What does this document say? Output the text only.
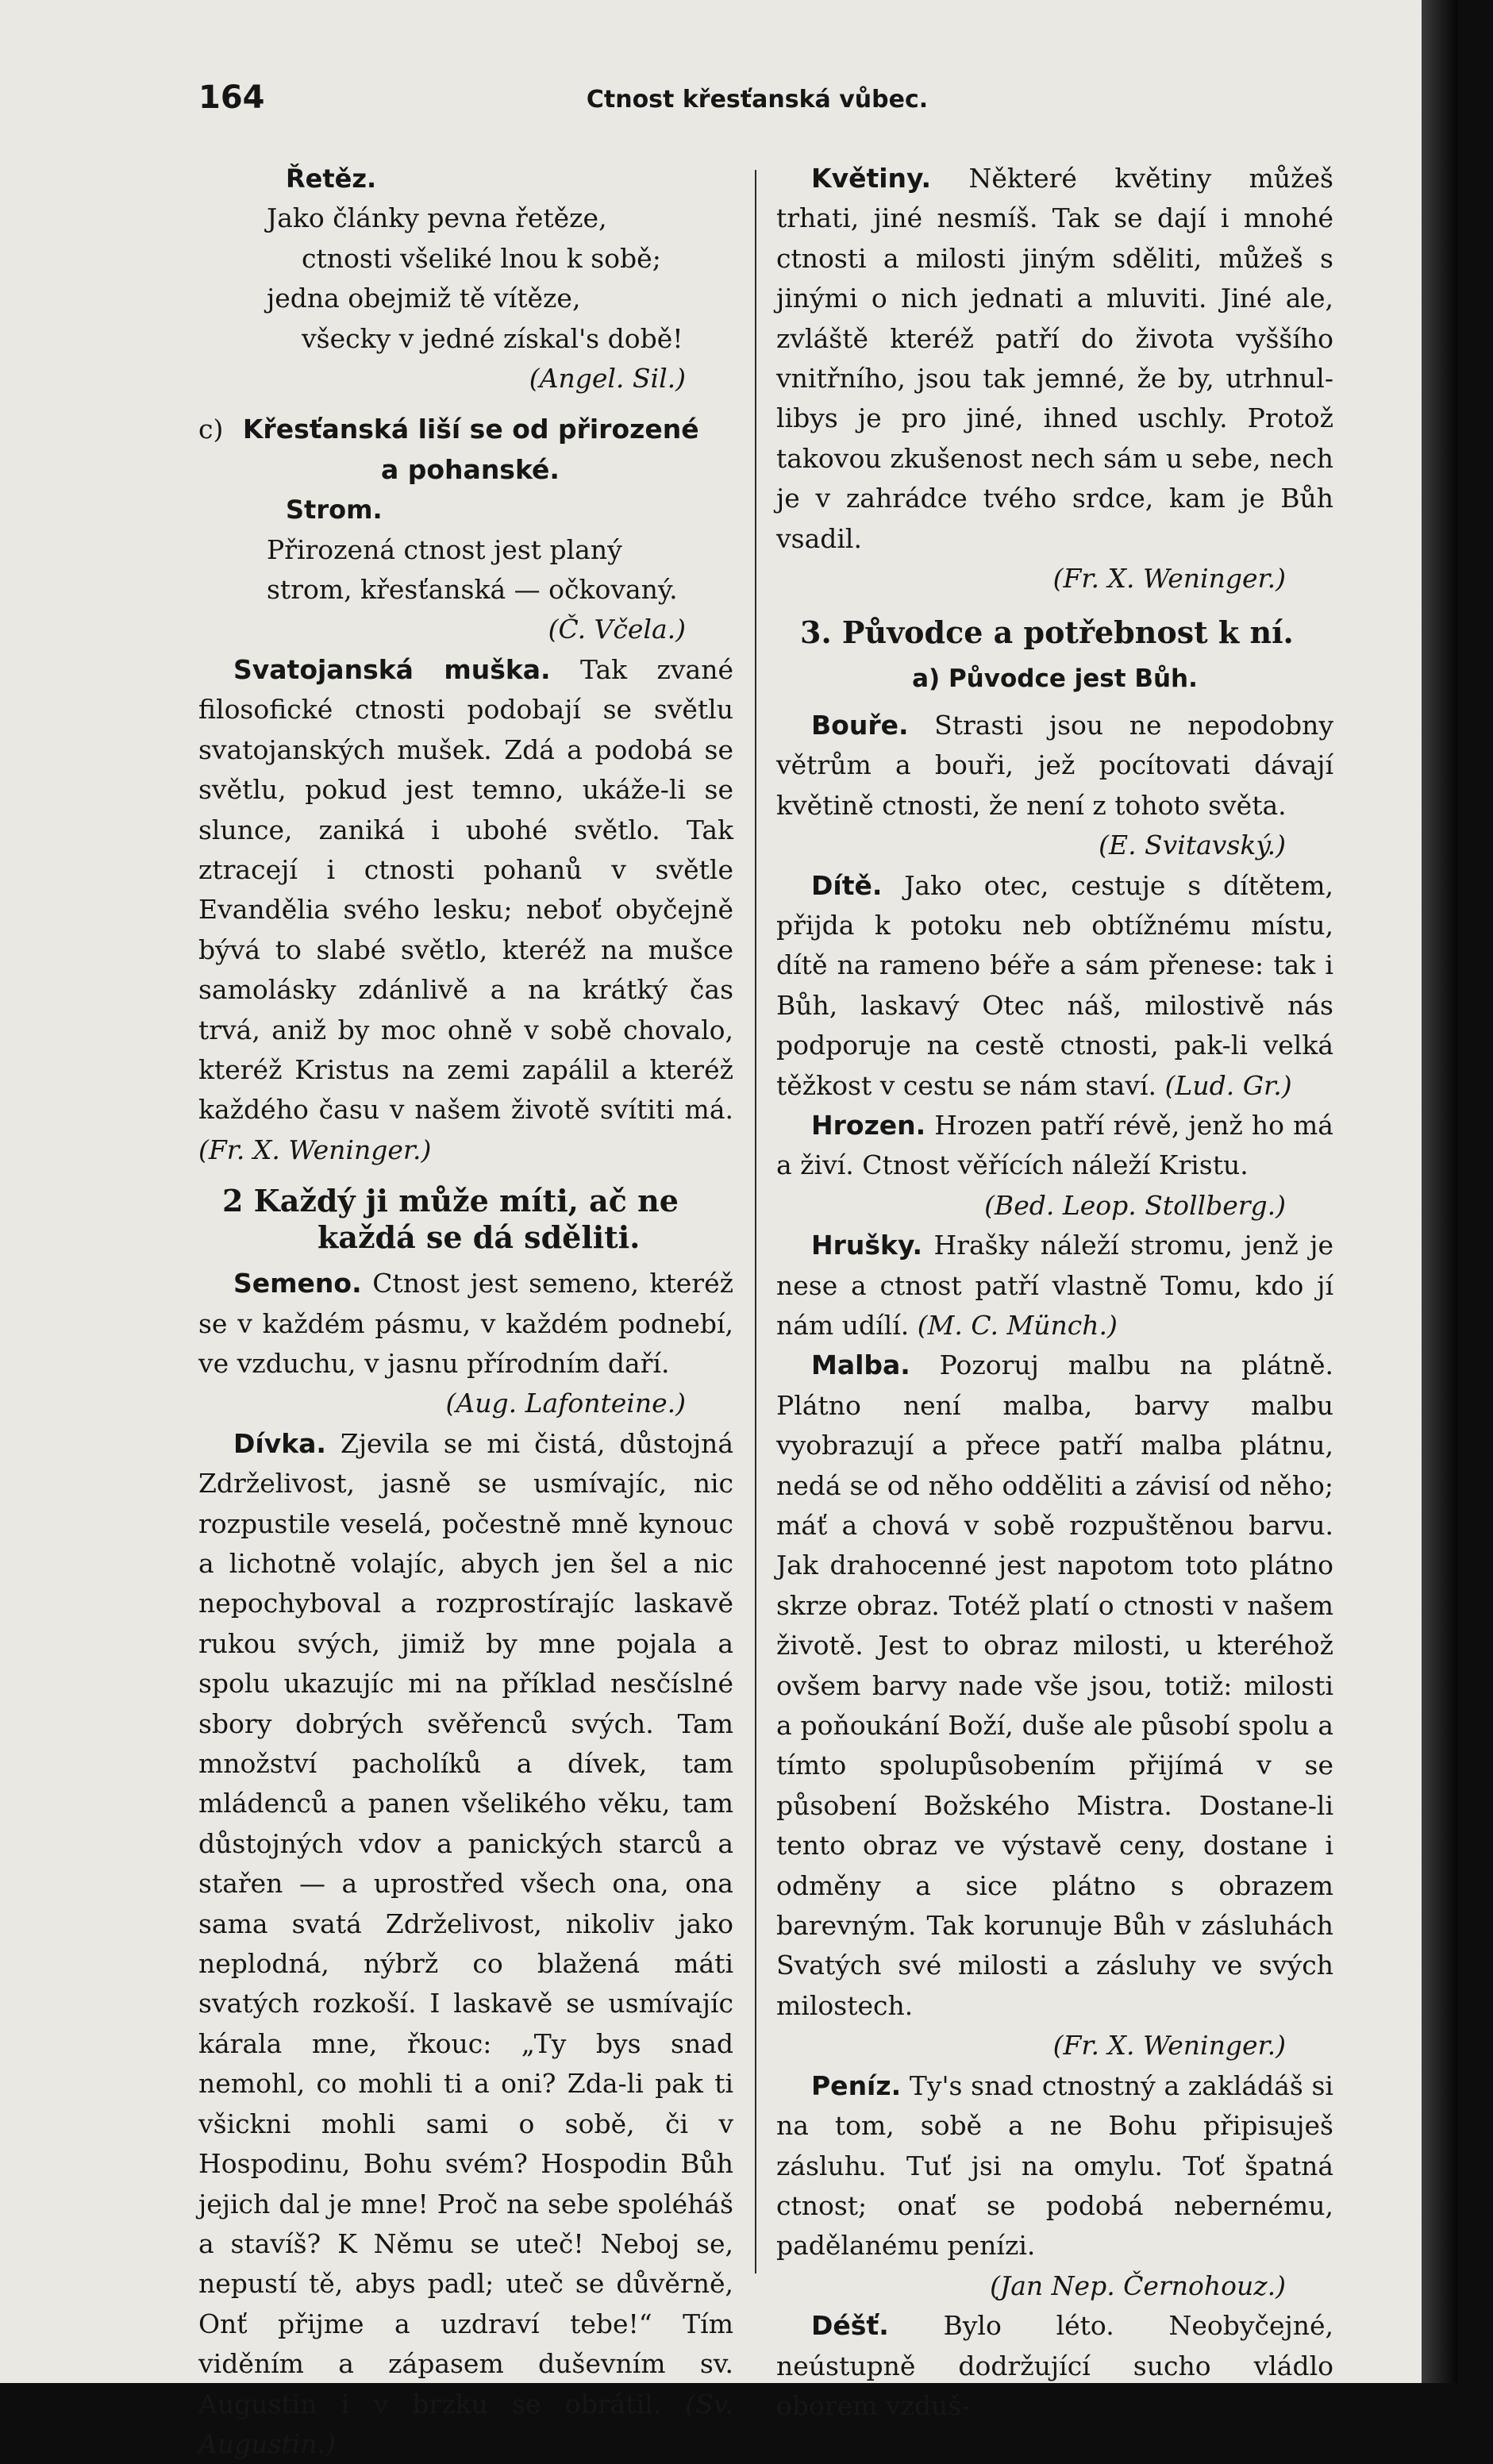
164	Ctnost křesťanská vůbec.

Řetěz.

Jako články pevna řetěze,

ctnosti všeliké lnou k sobě;

jedna obejmiž tě vítěze,

všecky v jedné získal's době!

(Angel. Sil.)

c) Křesťanská liší se od přirozené

a pohanské.

Strom.

Přirozená ctnost jest planý

strom, křesťanská — očkovaný.

(Č. Včela.)

Svatojanská muška. Tak zvané filosofické ctnosti podobají se světlu svatojanských mušek. Zdá a podobá se světlu, pokud jest temno, ukáže-li se slunce, zaniká i ubohé světlo. Tak ztracejí i ctnosti pohanů v světle Evandělia svého lesku; neboť obyčejně bývá to slabé světlo, kteréž na mušce samolásky zdánlivě a na krátký čas trvá, aniž by moc ohně v sobě chovalo, kteréž Kristus na zemi zapálil a kteréž každého času v našem životě svítiti má. (Fr. X. Weninger.)

2 Každý ji může míti, ač ne
každá se dá sděliti.

Semeno. Ctnost jest semeno, kteréž se v každém pásmu, v každém podnebí, ve vzduchu, v jasnu přírodním daří.

(Aug. Lafonteine.)

Dívka. Zjevila se mi čistá, důstojná Zdrželivost, jasně se usmívajíc, nic rozpustile veselá, počestně mně kynouc a lichotně volajíc, abych jen šel a nic nepochyboval a rozprostírajíc laskavě rukou svých, jimiž by mne pojala a spolu ukazujíc mi na příklad nesčíslné sbory dobrých svěřenců svých. Tam množství pacholíků a dívek, tam mládenců a panen všelikého věku, tam důstojných vdov a panických starců a stařen — a uprostřed všech ona, ona sama svatá Zdrželivost, nikoliv jako neplodná, nýbrž co blažená máti svatých rozkoší. I laskavě se usmívajíc kárala mne, řkouc: „Ty bys snad nemohl, co mohli ti a oni? Zda-li pak ti všickni mohli sami o sobě, či v Hospodinu, Bohu svém? Hospodin Bůh jejich dal je mne! Proč na sebe spoléháš a stavíš? K Němu se uteč! Neboj se, nepustí tě, abys padl; uteč se důvěrně, Onť přijme a uzdraví tebe!“ Tím viděním a zápasem duševním sv. Augustin i v brzku se obrátil. (Sv. Augustin.)

Květiny. Některé květiny můžeš trhati, jiné nesmíš. Tak se dají i mnohé ctnosti a milosti jiným sděliti, můžeš s jinými o nich jednati a mluviti. Jiné ale, zvláště kteréž patří do života vyššího vnitřního, jsou tak jemné, že by, utrhnul-libys je pro jiné, ihned uschly. Protož takovou zkušenost nech sám u sebe, nech je v zahrádce tvého srdce, kam je Bůh vsadil.

(Fr. X. Weninger.)

3. Původce a potřebnost k ní.

a) Původce jest Bůh.

Bouře. Strasti jsou ne nepodobny větrům a bouři, jež pocítovati dávají květině ctnosti, že není z tohoto světa.

(E. Svitavský.)

Dítě. Jako otec, cestuje s dítětem, přijda k potoku neb obtížnému místu, dítě na rameno béře a sám přenese: tak i Bůh, laskavý Otec náš, milostivě nás podporuje na cestě ctnosti, pak-li velká těžkost v cestu se nám staví. (Lud. Gr.)

Hrozen. Hrozen patří révě, jenž ho má a živí. Ctnost věřících náleží Kristu.

(Bed. Leop. Stollberg.)

Hrušky. Hrašky náleží stromu, jenž je nese a ctnost patří vlastně Tomu, kdo jí nám udílí. (M. C. Münch.)

Malba. Pozoruj malbu na plátně. Plátno není malba, barvy malbu vyobrazují a přece patří malba plátnu, nedá se od něho odděliti a závisí od něho; máť a chová v sobě rozpuštěnou barvu. Jak drahocenné jest napotom toto plátno skrze obraz. Totéž platí o ctnosti v našem životě. Jest to obraz milosti, u kteréhož ovšem barvy nade vše jsou, totiž: milosti a poňoukání Boží, duše ale působí spolu a tímto spolupůsobením přijímá v se působení Božského Mistra. Dostane-li tento obraz ve výstavě ceny, dostane i odměny a sice plátno s obrazem barevným. Tak korunuje Bůh v zásluhách Svatých své milosti a zásluhy ve svých milostech.

(Fr. X. Weninger.)

Peníz. Ty's snad ctnostný a zakládáš si na tom, sobě a ne Bohu připisuješ zásluhu. Tuť jsi na omylu. Toť špatná ctnost; onať se podobá nebernému, padělanému penízi.

(Jan Nep. Černohouz.)

Déšť. Bylo léto. Neobyčejné, neústupně dodržující sucho vládlo oborem vzduš-
